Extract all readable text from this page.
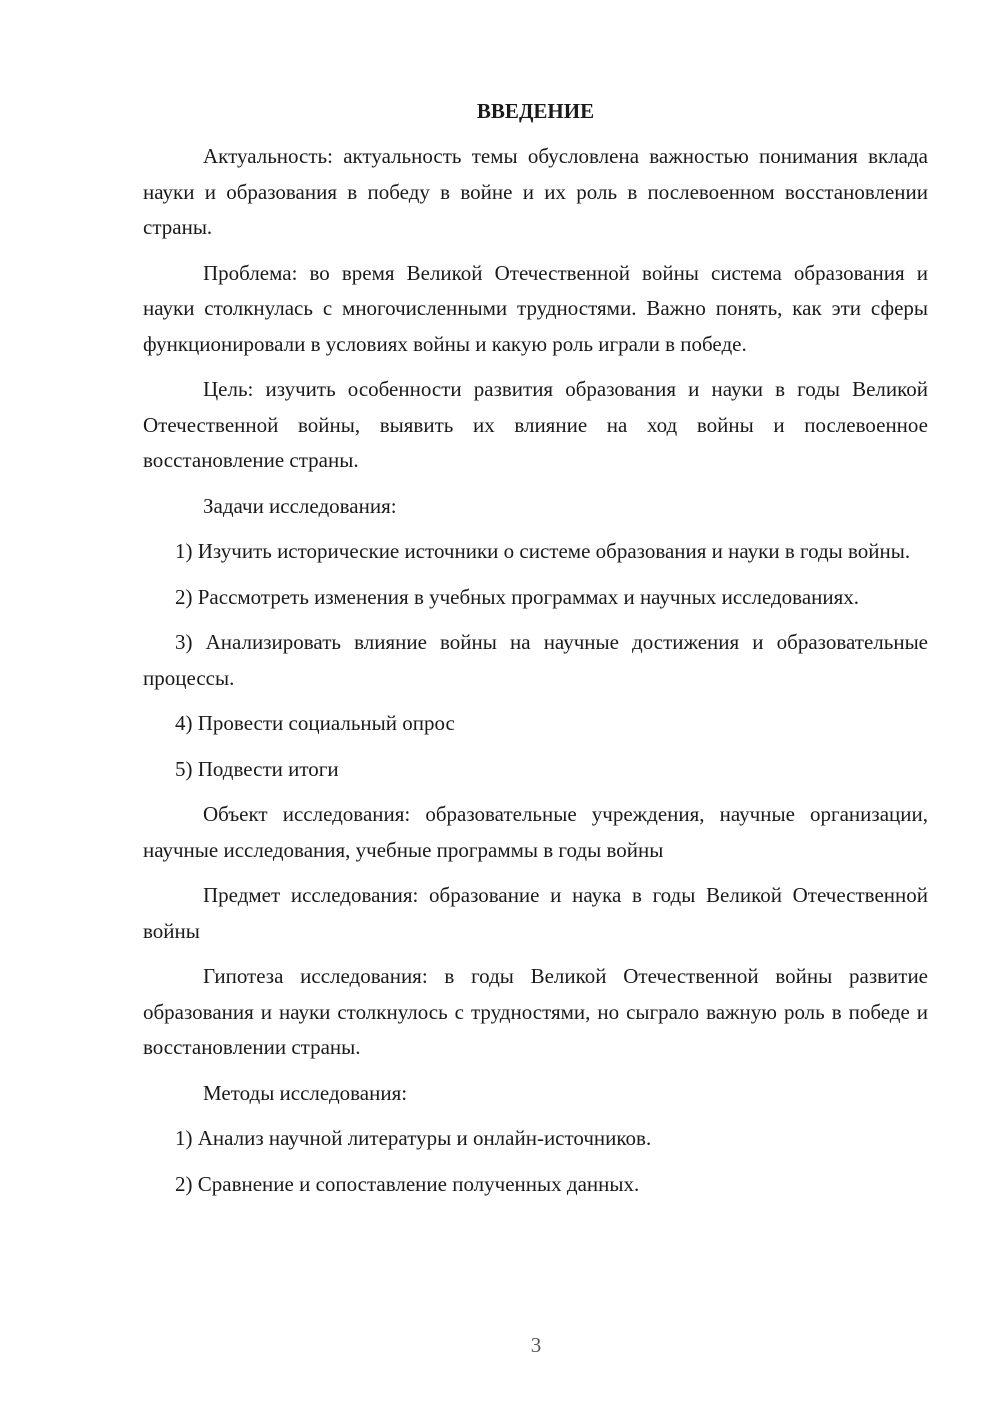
ВВЕДЕНИЕ

Актуальность: актуальность темы обусловлена важностью понимания вклада науки и образования в победу в войне и их роль в послевоенном восстановлении страны.

Проблема: во время Великой Отечественной войны система образования и науки столкнулась с многочисленными трудностями. Важно понять, как эти сферы функционировали в условиях войны и какую роль играли в победе.

Цель: изучить особенности развития образования и науки в годы Великой Отечественной войны, выявить их влияние на ход войны и послевоенное восстановление страны.

Задачи исследования:

1) Изучить исторические источники о системе образования и науки в годы войны.

2) Рассмотреть изменения в учебных программах и научных исследованиях.

3) Анализировать влияние войны на научные достижения и образовательные процессы.

4) Провести социальный опрос

5) Подвести итоги

Объект исследования: образовательные учреждения, научные организации, научные исследования, учебные программы в годы войны

Предмет исследования: образование и наука в годы Великой Отечественной войны

Гипотеза исследования: в годы Великой Отечественной войны развитие образования и науки столкнулось с трудностями, но сыграло важную роль в победе и восстановлении страны.

Методы исследования:

1) Анализ научной литературы и онлайн-источников.

2) Сравнение и сопоставление полученных данных.

3
